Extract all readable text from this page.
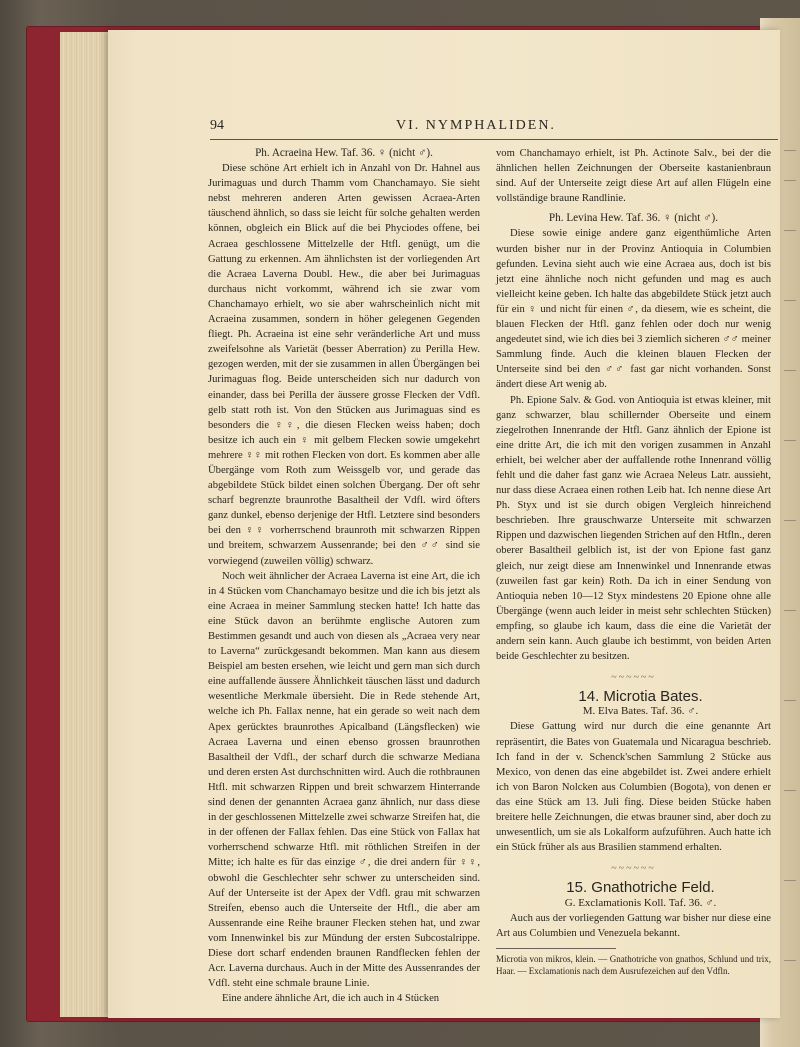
94	VI. NYMPHALIDEN.

Ph. Acraeina Hew. Taf. 36. ♀ (nicht ♂).

Diese schöne Art erhielt ich in Anzahl von Dr. Hahnel aus Jurimaguas und durch Thamm vom Chanchamayo. Sie sieht nebst mehreren anderen Arten gewissen Acraea-Arten täuschend ähnlich, so dass sie leicht für solche gehalten werden können, obgleich ein Blick auf die bei Phyciodes offene, bei Acraea geschlossene Mittelzelle der Htfl. genügt, um die Gattung zu erkennen. Am ähnlichsten ist der vorliegenden Art die Acraea Laverna Doubl. Hew., die aber bei Jurimaguas durchaus nicht vorkommt, während ich sie zwar vom Chanchamayo erhielt, wo sie aber wahrscheinlich nicht mit Acraeina zusammen, sondern in höher gelegenen Gegenden fliegt. Ph. Acraeina ist eine sehr veränderliche Art und muss zweifelsohne als Varietät (besser Aberration) zu Perilla Hew. gezogen werden, mit der sie zusammen in allen Übergängen bei Jurimaguas flog. Beide unterscheiden sich nur dadurch von einander, dass bei Perilla der äussere grosse Flecken der Vdfl. gelb statt roth ist. Von den Stücken aus Jurimaguas sind es besonders die ♀♀, die diesen Flecken weiss haben; doch besitze ich auch ein ♀ mit gelbem Flecken sowie umgekehrt mehrere ♀♀ mit rothen Flecken von dort. Es kommen aber alle Übergänge vom Roth zum Weissgelb vor, und gerade das abgebildete Stück bildet einen solchen Übergang. Der oft sehr scharf begrenzte braunrothe Basaltheil der Vdfl. wird öfters ganz dunkel, ebenso derjenige der Htfl. Letztere sind besonders bei den ♀♀ vorherrschend braunroth mit schwarzen Rippen und breitem, schwarzem Aussenrande; bei den ♂♂ sind sie vorwiegend (zuweilen völlig) schwarz.

Noch weit ähnlicher der Acraea Laverna ist eine Art, die ich in 4 Stücken vom Chanchamayo besitze und die ich bis jetzt als eine Acraea in meiner Sammlung stecken hatte! Ich hatte das eine Stück davon an berühmte englische Autoren zum Bestimmen gesandt und auch von diesen als „Acraea very near to Laverna“ zurückgesandt bekommen. Man kann aus diesem Beispiel am besten ersehen, wie leicht und gern man sich durch eine auffallende äussere Ähnlichkeit täuschen lässt und dadurch wesentliche Merkmale übersieht. Die in Rede stehende Art, welche ich Ph. Fallax nenne, hat ein gerade so weit nach dem Apex gerücktes braunrothes Apicalband (Längsflecken) wie Acraea Laverna und einen ebenso grossen braunrothen Basaltheil der Vdfl., der scharf durch die schwarze Mediana und deren ersten Ast durchschnitten wird. Auch die rothbraunen Htfl. mit schwarzen Rippen und breit schwarzem Hinterrande sind denen der genannten Acraea ganz ähnlich, nur dass diese in der geschlossenen Mittelzelle zwei schwarze Streifen hat, die in der offenen der Fallax fehlen. Das eine Stück von Fallax hat vorherrschend schwarze Htfl. mit röthlichen Streifen in der Mitte; ich halte es für das einzige ♂, die drei andern für ♀♀, obwohl die Geschlechter sehr schwer zu unterscheiden sind. Auf der Unterseite ist der Apex der Vdfl. grau mit schwarzen Streifen, ebenso auch die Unterseite der Htfl., die aber am Aussenrande eine Reihe brauner Flecken stehen hat, und zwar vom Innenwinkel bis zur Mündung der ersten Subcostalrippe. Diese dort scharf endenden braunen Randflecken fehlen der Acr. Laverna durchaus. Auch in der Mitte des Aussenrandes der Vdfl. steht eine schmale braune Linie.

Eine andere ähnliche Art, die ich auch in 4 Stücken

vom Chanchamayo erhielt, ist Ph. Actinote Salv., bei der die ähnlichen hellen Zeichnungen der Oberseite kastanienbraun sind. Auf der Unterseite zeigt diese Art auf allen Flügeln eine vollständige braune Randlinie.

Ph. Levina Hew. Taf. 36. ♀ (nicht ♂).

Diese sowie einige andere ganz eigenthümliche Arten wurden bisher nur in der Provinz Antioquia in Columbien gefunden. Levina sieht auch wie eine Acraea aus, doch ist bis jetzt eine ähnliche noch nicht gefunden und mag es auch vielleicht keine geben. Ich halte das abgebildete Stück jetzt auch für ein ♀ und nicht für einen ♂, da diesem, wie es scheint, die blauen Flecken der Htfl. ganz fehlen oder doch nur wenig angedeutet sind, wie ich dies bei 3 ziemlich sicheren ♂♂ meiner Sammlung finde. Auch die kleinen blauen Flecken der Unterseite sind bei den ♂♂ fast gar nicht vorhanden. Sonst ändert diese Art wenig ab.

Ph. Epione Salv. & God. von Antioquia ist etwas kleiner, mit ganz schwarzer, blau schillernder Oberseite und einem ziegelrothen Innenrande der Htfl. Ganz ähnlich der Epione ist eine dritte Art, die ich mit den vorigen zusammen in Anzahl erhielt, bei welcher aber der auffallende rothe Innenrand völlig fehlt und die daher fast ganz wie Acraea Neleus Latr. aussieht, nur dass diese Acraea einen rothen Leib hat. Ich nenne diese Art Ph. Styx und ist sie durch obigen Vergleich hinreichend beschrieben. Ihre grauschwarze Unterseite mit schwarzen Rippen und dazwischen liegenden Strichen auf den Htfln., deren oberer Basaltheil gelblich ist, ist der von Epione fast ganz gleich, nur zeigt diese am Innenwinkel und Innenrande etwas (zuweilen fast gar kein) Roth. Da ich in einer Sendung von Antioquia neben 10—12 Styx mindestens 20 Epione ohne alle Übergänge (wenn auch leider in meist sehr schlechten Stücken) empfing, so glaube ich kaum, dass die eine die Varietät der andern sein kann. Auch glaube ich bestimmt, von beiden Arten beide Geschlechter zu besitzen.

~~~~~~

14. Microtia Bates.

M. Elva Bates. Taf. 36. ♂.

Diese Gattung wird nur durch die eine genannte Art repräsentirt, die Bates von Guatemala und Nicaragua beschrieb. Ich fand in der v. Schenck'schen Sammlung 2 Stücke aus Mexico, von denen das eine abgebildet ist. Zwei andere erhielt ich von Baron Nolcken aus Columbien (Bogota), von denen er das eine Stück am 13. Juli fing. Diese beiden Stücke haben breitere helle Zeichnungen, die etwas brauner sind, aber doch zu unwesentlich, um sie als Lokalform aufzuführen. Auch hatte ich ein Stück früher als aus Brasilien stammend erhalten.

~~~~~~

15. Gnathotriche Feld.

G. Exclamationis Koll. Taf. 36. ♂.

Auch aus der vorliegenden Gattung war bisher nur diese eine Art aus Columbien und Venezuela bekannt.

Microtia von mikros, klein. — Gnathotriche von gnathos, Schlund und trix, Haar. — Exclamationis nach dem Ausrufezeichen auf den Vdfln.
